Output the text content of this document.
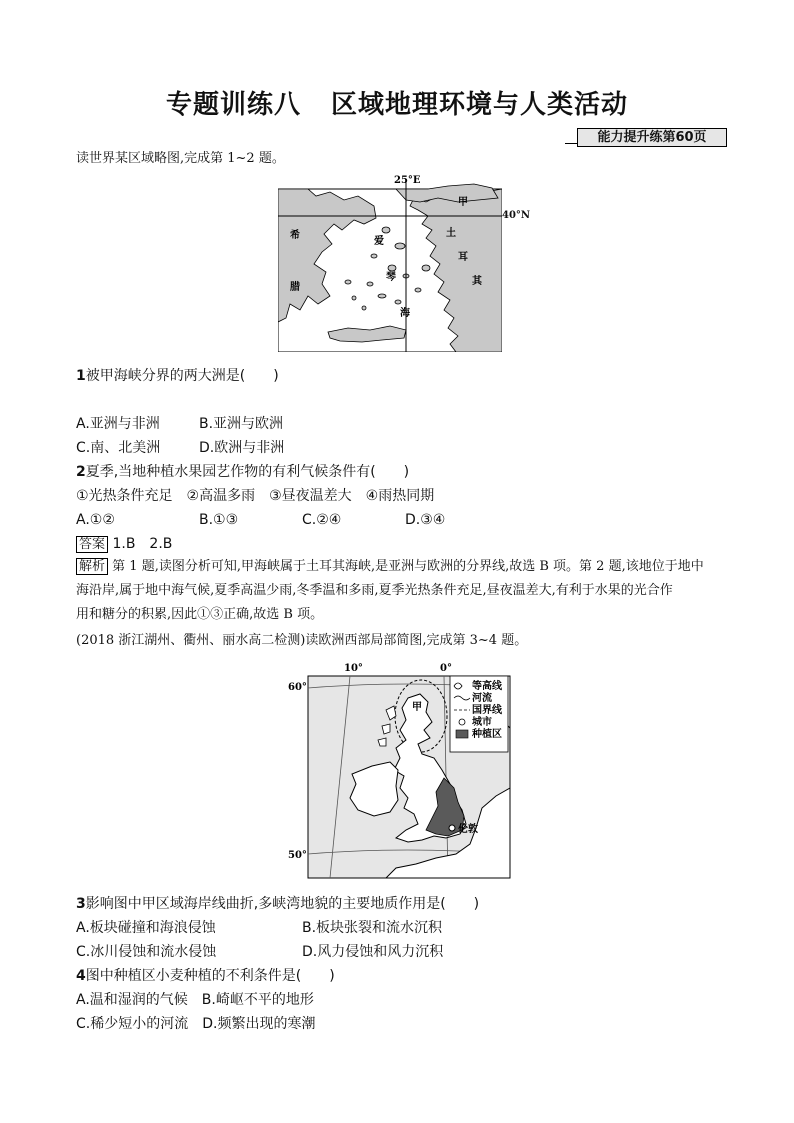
专题训练八 区域地理环境与人类活动
能力提升练第60页
读世界某区域略图,完成第 1~2 题。
25°E
甲
希
腊
爱
琴
海
土
耳
其
40°N
1被甲海峡分界的两大洲是(　　)
A.亚洲与非洲	B.亚洲与欧洲
C.南、北美洲	D.欧洲与非洲
2夏季,当地种植水果园艺作物的有利气候条件有(　　)
①光热条件充足　②高温多雨　③昼夜温差大　④雨热同期
A.①②	B.①③	C.②④	D.③④
答案 1.B　2.B
解析 第 1 题,读图分析可知,甲海峡属于土耳其海峡,是亚洲与欧洲的分界线,故选 B 项。第 2 题,该地位于地中
海沿岸,属于地中海气候,夏季高温少雨,冬季温和多雨,夏季光热条件充足,昼夜温差大,有利于水果的光合作
用和糖分的积累,因此①③正确,故选 B 项。
(2018 浙江湖州、衢州、丽水高二检测)读欧洲西部局部简图,完成第 3~4 题。
伦敦
甲
等高线
河流
国界线
城市
种植区
10°	0°
60°
50°
3影响图中甲区域海岸线曲折,多峡湾地貌的主要地质作用是(　　)
A.板块碰撞和海浪侵蚀	B.板块张裂和流水沉积
C.冰川侵蚀和流水侵蚀	D.风力侵蚀和风力沉积
4图中种植区小麦种植的不利条件是(　　)
A.温和湿润的气候　B.崎岖不平的地形
C.稀少短小的河流　D.频繁出现的寒潮
